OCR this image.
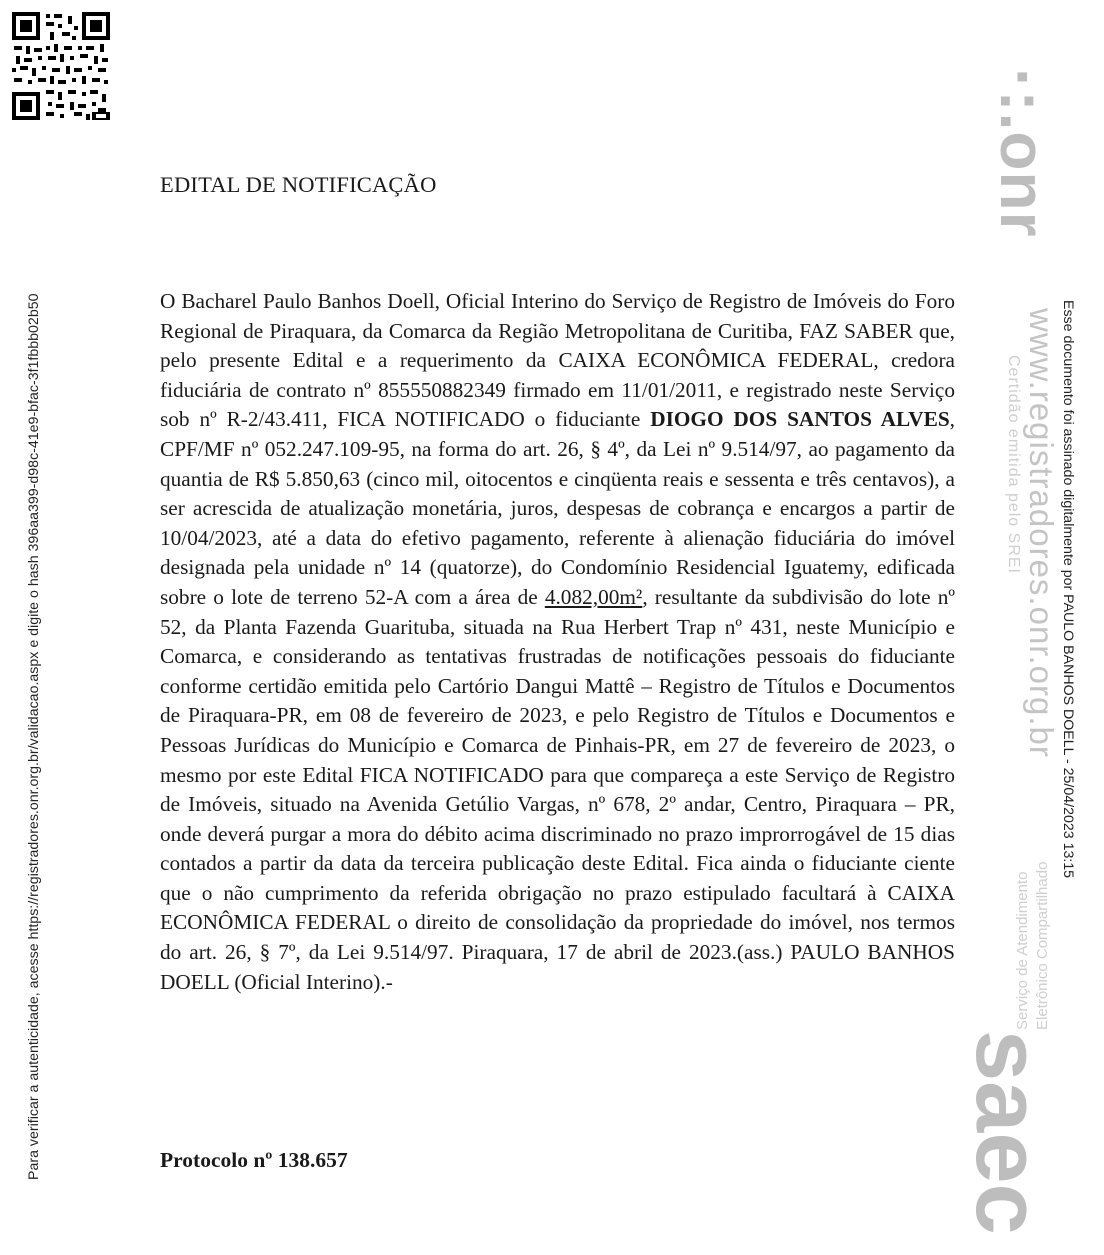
Para verificar a autenticidade, acesse https://registradores.onr.org.br/validacao.aspx e digite o hash 396aa399-d98c-41e9-bfac-3f1fbbb02b50	Esse documento foi assinado digitalmente por PAULO BANHOS DOELL - 25/04/2023 13:15
·:.onr
www.registradores.onr.org.br
Certidão emitida pelo SREI
saec
Serviço de Atendimento Eletrônico Compartilhado
EDITAL DE NOTIFICAÇÃO
O Bacharel Paulo Banhos Doell, Oficial Interino do Serviço de Registro de Imóveis do Foro Regional de Piraquara, da Comarca da Região Metropolitana de Curitiba, FAZ SABER que, pelo presente Edital e a requerimento da CAIXA ECONÔMICA FEDERAL, credora fiduciária de contrato nº 855550882349 firmado em 11/01/2011, e registrado neste Serviço sob nº R-2/43.411, FICA NOTIFICADO o fiduciante DIOGO DOS SANTOS ALVES, CPF/MF nº 052.247.109-95, na forma do art. 26, § 4º, da Lei nº 9.514/97, ao pagamento da quantia de R$ 5.850,63 (cinco mil, oitocentos e cinqüenta reais e sessenta e três centavos), a ser acrescida de atualização monetária, juros, despesas de cobrança e encargos a partir de 10/04/2023, até a data do efetivo pagamento, referente à alienação fiduciária do imóvel designada pela unidade nº 14 (quatorze), do Condomínio Residencial Iguatemy, edificada sobre o lote de terreno 52-A com a área de 4.082,00m², resultante da subdivisão do lote nº 52, da Planta Fazenda Guarituba, situada na Rua Herbert Trap nº 431, neste Município e Comarca, e considerando as tentativas frustradas de notificações pessoais do fiduciante conforme certidão emitida pelo Cartório Dangui Mattê – Registro de Títulos e Documentos de Piraquara-PR, em 08 de fevereiro de 2023, e pelo Registro de Títulos e Documentos e Pessoas Jurídicas do Município e Comarca de Pinhais-PR, em 27 de fevereiro de 2023, o mesmo por este Edital FICA NOTIFICADO para que compareça a este Serviço de Registro de Imóveis, situado na Avenida Getúlio Vargas, nº 678, 2º andar, Centro, Piraquara – PR, onde deverá purgar a mora do débito acima discriminado no prazo improrrogável de 15 dias contados a partir da data da terceira publicação deste Edital. Fica ainda o fiduciante ciente que o não cumprimento da referida obrigação no prazo estipulado facultará à CAIXA ECONÔMICA FEDERAL o direito de consolidação da propriedade do imóvel, nos termos do art. 26, § 7º, da Lei 9.514/97. Piraquara, 17 de abril de 2023.(ass.) PAULO BANHOS DOELL (Oficial Interino).-
Protocolo nº 138.657
